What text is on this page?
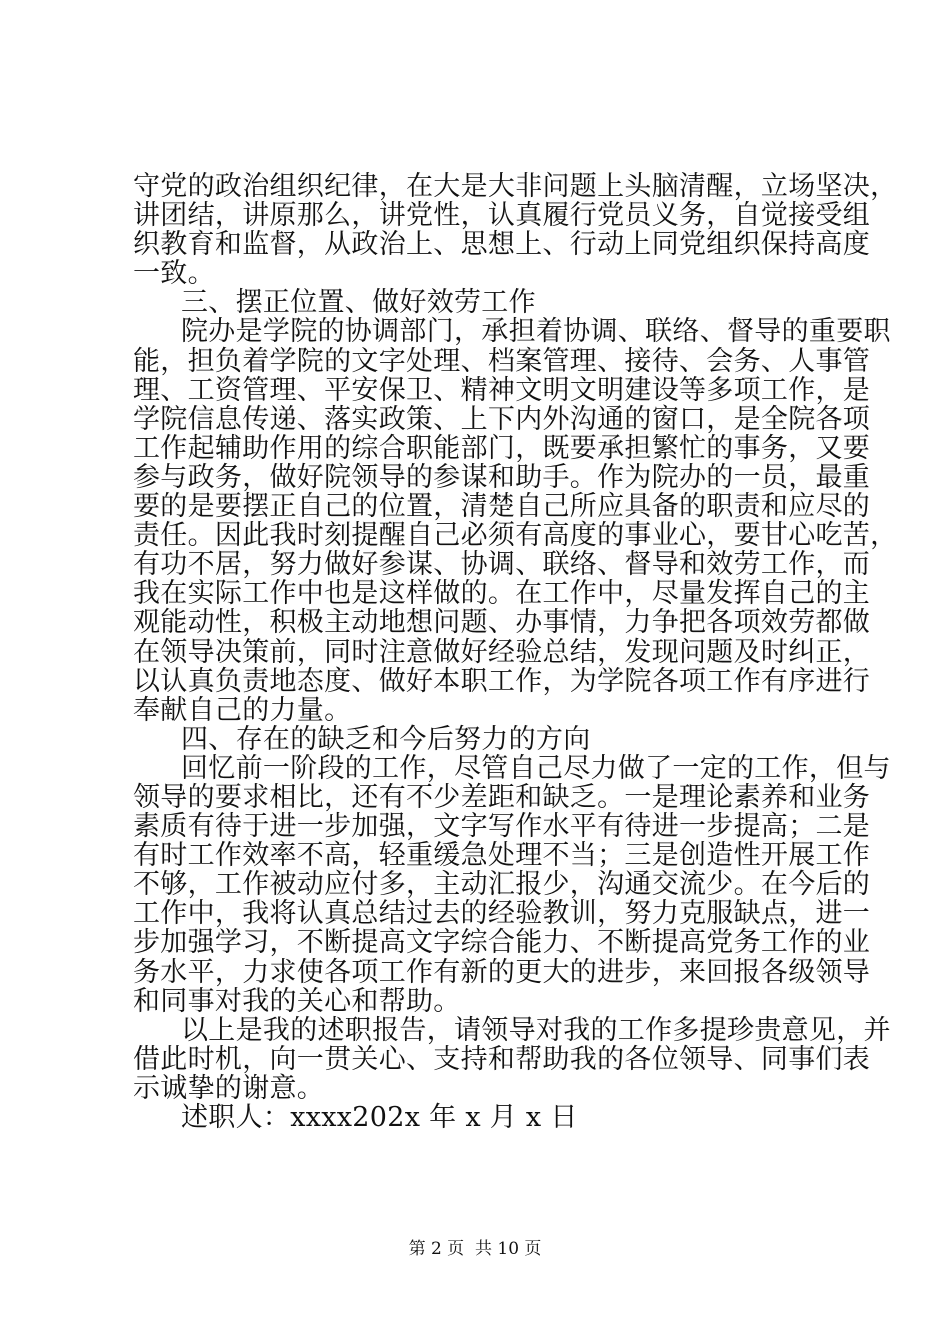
守党的政治组织纪律，在大是大非问题上头脑清醒，立场坚决，
讲团结，讲原那么，讲党性，认真履行党员义务，自觉接受组
织教育和监督，从政治上、思想上、行动上同党组织保持高度
一致。
三、摆正位置、做好效劳工作
院办是学院的协调部门，承担着协调、联络、督导的重要职
能，担负着学院的文字处理、档案管理、接待、会务、人事管
理、工资管理、平安保卫、精神文明文明建设等多项工作，是
学院信息传递、落实政策、上下内外沟通的窗口，是全院各项
工作起辅助作用的综合职能部门，既要承担繁忙的事务，又要
参与政务，做好院领导的参谋和助手。作为院办的一员，最重
要的是要摆正自己的位置，清楚自己所应具备的职责和应尽的
责任。因此我时刻提醒自己必须有高度的事业心，要甘心吃苦，
有功不居，努力做好参谋、协调、联络、督导和效劳工作，而
我在实际工作中也是这样做的。在工作中，尽量发挥自己的主
观能动性，积极主动地想问题、办事情，力争把各项效劳都做
在领导决策前，同时注意做好经验总结，发现问题及时纠正，
以认真负责地态度、做好本职工作，为学院各项工作有序进行
奉献自己的力量。
四、存在的缺乏和今后努力的方向
回忆前一阶段的工作，尽管自己尽力做了一定的工作，但与
领导的要求相比，还有不少差距和缺乏。一是理论素养和业务
素质有待于进一步加强，文字写作水平有待进一步提高；二是
有时工作效率不高，轻重缓急处理不当；三是创造性开展工作
不够，工作被动应付多，主动汇报少，沟通交流少。在今后的
工作中，我将认真总结过去的经验教训，努力克服缺点，进一
步加强学习，不断提高文字综合能力、不断提高党务工作的业
务水平，力求使各项工作有新的更大的进步，来回报各级领导
和同事对我的关心和帮助。
以上是我的述职报告，请领导对我的工作多提珍贵意见，并
借此时机，向一贯关心、支持和帮助我的各位领导、同事们表
示诚挚的谢意。
述职人：xxxx202x 年 x 月 x 日
第 2 页  共 10 页
